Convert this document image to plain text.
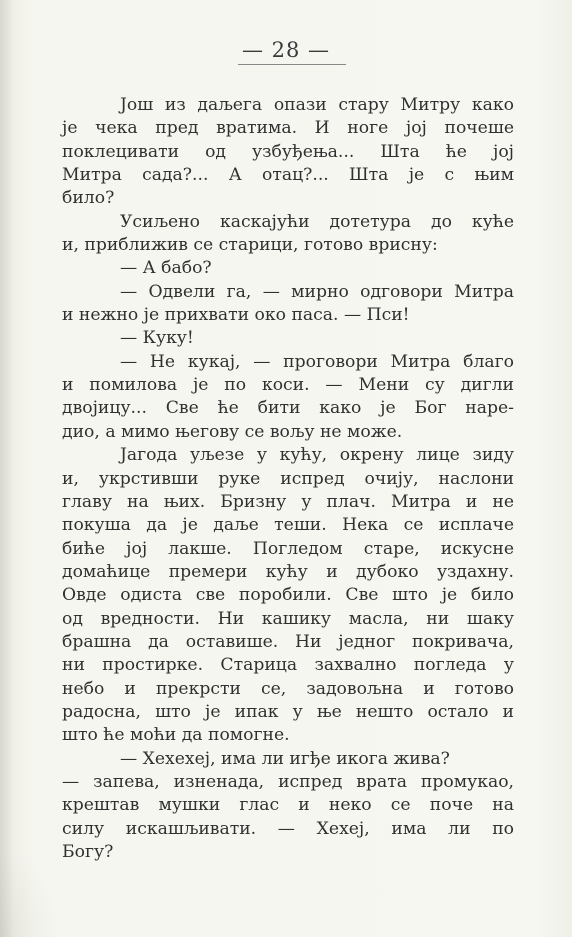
— 28 —
Још из даљега опази стару Митру како
је чека пред вратима. И ноге јој почеше
поклецивати од узбуђења... Шта ће јој
Митра сада?... А отац?... Шта је с њим
било?
Усиљено каскајући дотетура до куће
и, приближив се старици, готово врисну:
— А бабо?
— Одвели га, — мирно одговори Митра
и нежно је прихвати око паса. — Пси!
— Куку!
— Не кукај, — проговори Митра благо
и помилова је по коси. — Мени су дигли
двојицу... Све ће бити како је Бог наре-
дио, а мимо његову се вољу не може.
Јагода уљезе у кућу, окрену лице зиду
и, укрстивши руке испред очију, наслони
главу на њих. Бризну у плач. Митра и не
покуша да је даље теши. Нека се исплаче
биће јој лакше. Погледом старе, искусне
домаћице премери кућу и дубоко уздахну.
Овде одиста све поробили. Све што је било
од вредности. Ни кашику масла, ни шаку
брашна да оставише. Ни једног покривача,
ни простирке. Старица захвално погледа у
небо и прекрсти се, задовољна и готово
радосна, што је ипак у ње нешто остало и
што ће моћи да помогне.
— Хехехеј, има ли игђе икога жива?
— запева, изненада, испред врата промукао,
крештав мушки глас и неко се поче на
силу искашљивати. — Хехеј, има ли по
Богу?
